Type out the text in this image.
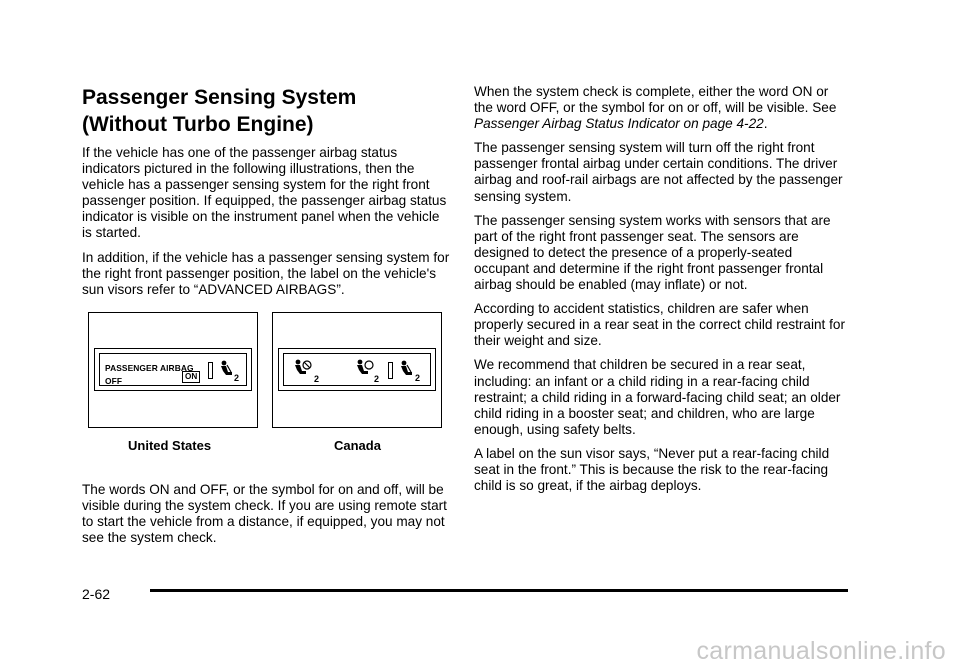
Passenger Sensing System
(Without Turbo Engine)

If the vehicle has one of the passenger airbag status indicators pictured in the following illustrations, then the vehicle has a passenger sensing system for the right front passenger position. If equipped, the passenger airbag status indicator is visible on the instrument panel when the vehicle is started.

In addition, if the vehicle has a passenger sensing system for the right front passenger position, the label on the vehicle's sun visors refer to “ADVANCED AIRBAGS”.

PASSENGER AIRBAG
OFF	ON	2	2	2	2
United States	Canada

The words ON and OFF, or the symbol for on and off, will be visible during the system check. If you are using remote start to start the vehicle from a distance, if equipped, you may not see the system check.

When the system check is complete, either the word ON or the word OFF, or the symbol for on or off, will be visible. See Passenger Airbag Status Indicator on page 4‑22.

The passenger sensing system will turn off the right front passenger frontal airbag under certain conditions. The driver airbag and roof-rail airbags are not affected by the passenger sensing system.

The passenger sensing system works with sensors that are part of the right front passenger seat. The sensors are designed to detect the presence of a properly-seated occupant and determine if the right front passenger frontal airbag should be enabled (may inflate) or not.

According to accident statistics, children are safer when properly secured in a rear seat in the correct child restraint for their weight and size.

We recommend that children be secured in a rear seat, including: an infant or a child riding in a rear-facing child restraint; a child riding in a forward-facing child seat; an older child riding in a booster seat; and children, who are large enough, using safety belts.

A label on the sun visor says, “Never put a rear-facing child seat in the front.” This is because the risk to the rear-facing child is so great, if the airbag deploys.

2-62
carmanualsonline.info
